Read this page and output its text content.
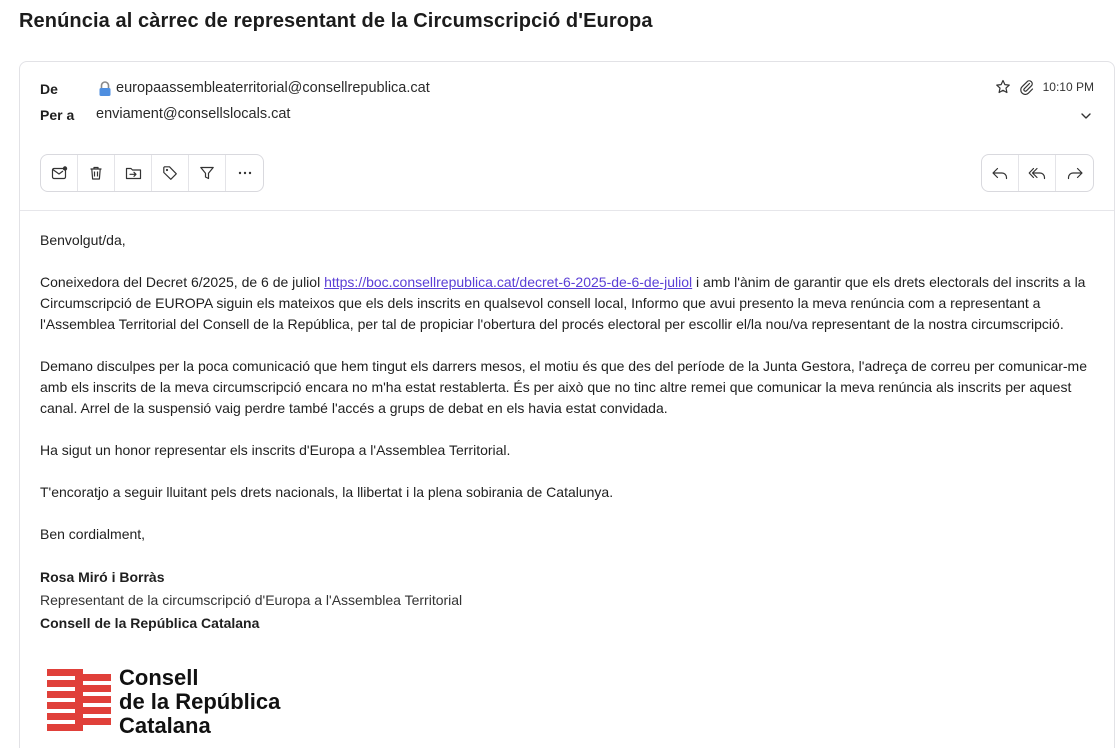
Renúncia al càrrec de representant de la Circumscripció d'Europa
De	europaassembleaterritorial@consellrepublica.cat
Per a enviament@consellslocals.cat
10:10 PM

Benvolgut/da,

Coneixedora del Decret 6/2025, de 6 de juliol https://boc.consellrepublica.cat/decret-6-2025-de-6-de-juliol i amb l'ànim de garantir que els drets electorals del inscrits a la Circumscripció de EUROPA siguin els mateixos que els dels inscrits en qualsevol consell local, Informo que avui presento la meva renúncia com a representant a l'Assemblea Territorial del Consell de la República, per tal de propiciar l'obertura del procés electoral per escollir el/la nou/va representant de la nostra circumscripció.

Demano disculpes per la poca comunicació que hem tingut els darrers mesos, el motiu és que des del període de la Junta Gestora, l'adreça de correu per comunicar-me amb els inscrits de la meva circumscripció encara no m'ha estat restablerta. És per això que no tinc altre remei que comunicar la meva renúncia als inscrits per aquest canal. Arrel de la suspensió vaig perdre també l'accés a grups de debat en els havia estat convidada.

Ha sigut un honor representar els inscrits d'Europa a l'Assemblea Territorial.

T'encoratjo a seguir lluitant pels drets nacionals, la llibertat i la plena sobirania de Catalunya.

Ben cordialment,

Rosa Miró i Borràs
Representant de la circumscripció d'Europa a l'Assemblea Territorial
Consell de la República Catalana
Consell
de la República
Catalana
